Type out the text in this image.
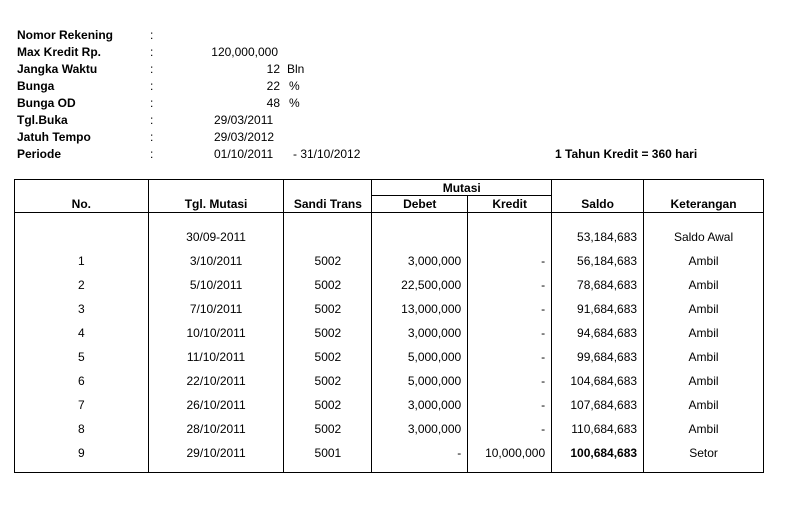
Nomor Rekening	:
Max Kredit Rp.	:	120,000,000
Jangka Waktu	:	12 Bln
Bunga	:	22 %
Bunga OD	:	48 %
Tgl.Buka	:	29/03/2011
Jatuh Tempo	:	29/03/2012
Periode	:	01/10/2011 - 31/10/2012	1 Tahun Kredit = 360 hari
No.	Tgl. Mutasi	Sandi Trans	Mutasi		Saldo	Keterangan
			Debet	Kredit		

	30/09-2011				53,184,683	Saldo Awal
1	3/10/2011	5002	3,000,000	-	56,184,683	Ambil
2	5/10/2011	5002	22,500,000	-	78,684,683	Ambil
3	7/10/2011	5002	13,000,000	-	91,684,683	Ambil
4	10/10/2011	5002	3,000,000	-	94,684,683	Ambil
5	11/10/2011	5002	5,000,000	-	99,684,683	Ambil
6	22/10/2011	5002	5,000,000	-	104,684,683	Ambil
7	26/10/2011	5002	3,000,000	-	107,684,683	Ambil
8	28/10/2011	5002	3,000,000	-	110,684,683	Ambil
9	29/10/2011	5001	-	10,000,000	100,684,683	Setor
